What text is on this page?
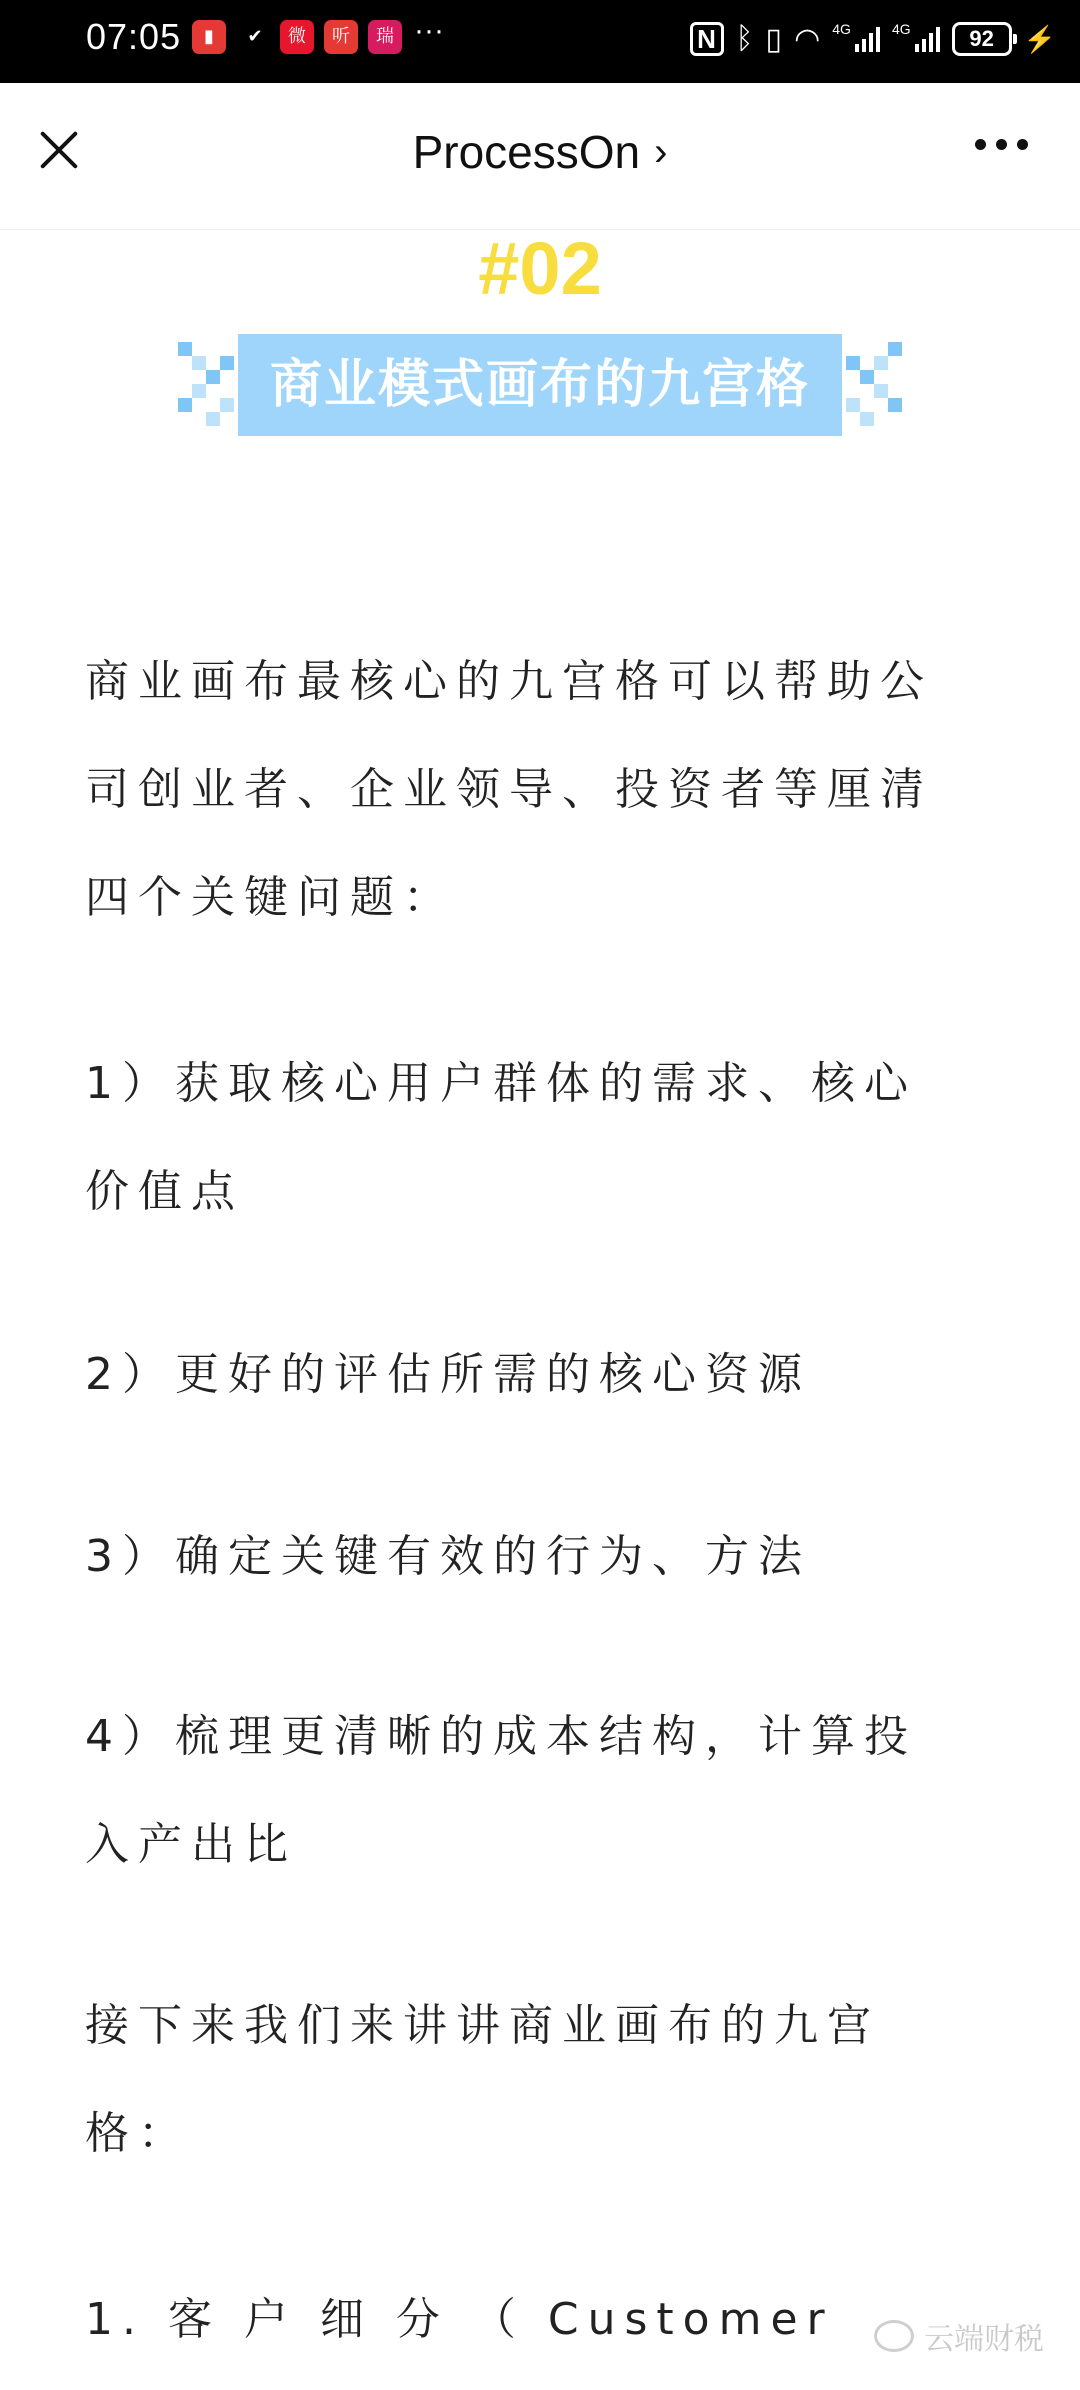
07:05	▮	✔	微	听	瑞 ···	N ᛒ ▯ ◠ 4G	4G	92	⚡
ProcessOn ›
#02
商业模式画布的九宫格
商业画布最核心的九宫格可以帮助公
司创业者、企业领导、投资者等厘清
四个关键问题：
1）获取核心用户群体的需求、核心
价值点
2）更好的评估所需的核心资源
3）确定关键有效的行为、方法
4）梳理更清晰的成本结构，计算投
入产出比
接下来我们来讲讲商业画布的九宫
格：
1. 客 户 细 分 （ Customer	云端财税
